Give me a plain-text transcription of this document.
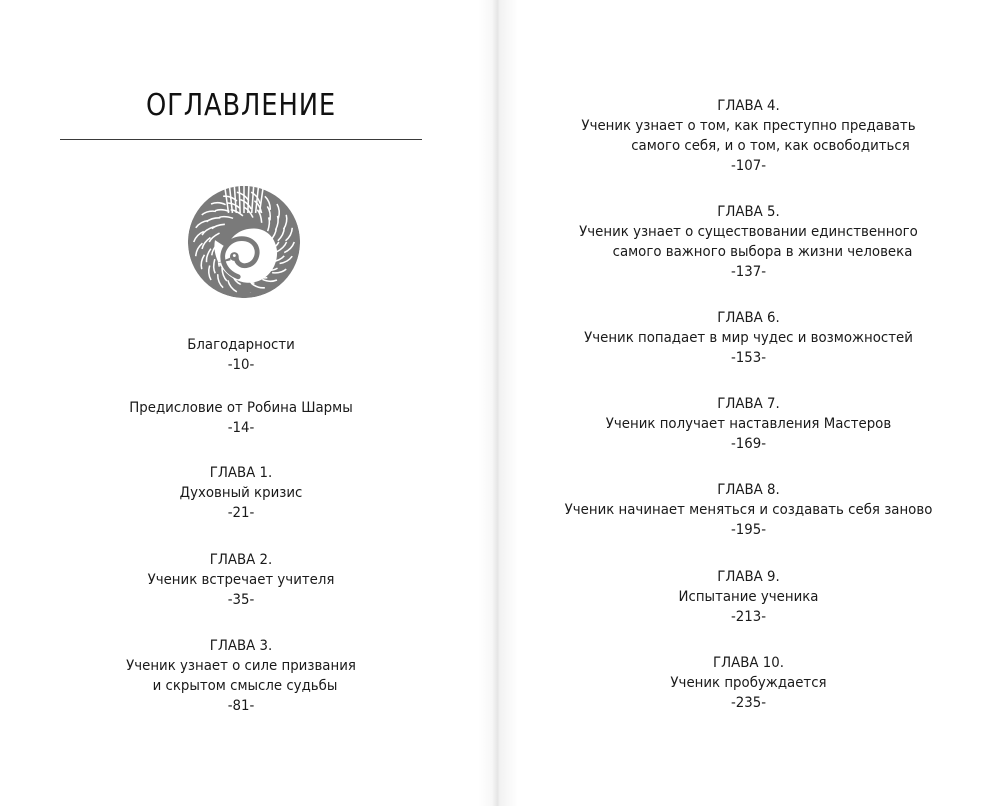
ОГЛАВЛЕНИЕ
Благодарности
-10-
Предисловие от Робина Шармы
-14-
ГЛАВА 1.
Духовный кризис
-21-
ГЛАВА 2.
Ученик встречает учителя
-35-
ГЛАВА 3.
Ученик узнает о силе призвания
и скрытом смысле судьбы
-81-
ГЛАВА 4.
Ученик узнает о том, как преступно предавать
самого себя, и о том, как освободиться
-107-
ГЛАВА 5.
Ученик узнает о существовании единственного
самого важного выбора в жизни человека
-137-
ГЛАВА 6.
Ученик попадает в мир чудес и возможностей
-153-
ГЛАВА 7.
Ученик получает наставления Мастеров
-169-
ГЛАВА 8.
Ученик начинает меняться и создавать себя заново
-195-
ГЛАВА 9.
Испытание ученика
-213-
ГЛАВА 10.
Ученик пробуждается
-235-
